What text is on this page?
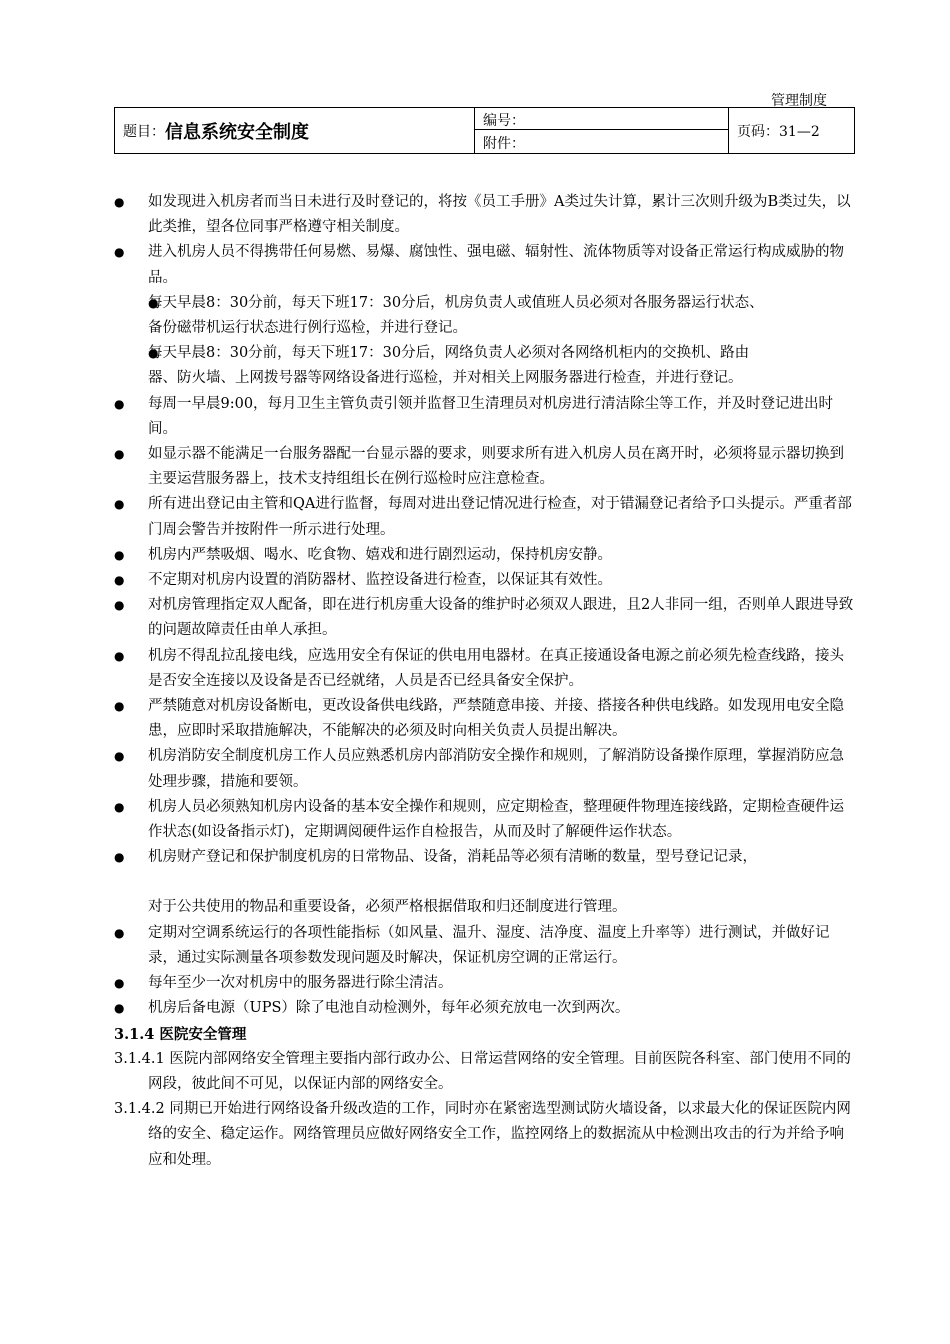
管理制度
题目： 信息系统安全制度
编号：
附件：
页码：31—2
● 如发现进入机房者而当日未进行及时登记的，将按《员工手册》A类过失计算，累计三次则升级为B类过失，以此类推，望各位同事严格遵守相关制度。
● 进入机房人员不得携带任何易燃、易爆、腐蚀性、强电磁、辐射性、流体物质等对设备正常运行构成威胁的物品。
● 每天早晨8：30分前，每天下班17：30分后，机房负责人或值班人员必须对各服务器运行状态、
备份磁带机运行状态进行例行巡检，并进行登记。
● 每天早晨8：30分前，每天下班17：30分后，网络负责人必须对各网络机柜内的交换机、路由
器、防火墙、上网拨号器等网络设备进行巡检，并对相关上网服务器进行检查，并进行登记。
● 每周一早晨9:00，每月卫生主管负责引领并监督卫生清理员对机房进行清洁除尘等工作，并及时登记进出时间。
● 如显示器不能满足一台服务器配一台显示器的要求，则要求所有进入机房人员在离开时，必须将显示器切换到主要运营服务器上，技术支持组组长在例行巡检时应注意检查。
● 所有进出登记由主管和QA进行监督，每周对进出登记情况进行检查，对于错漏登记者给予口头提示。严重者部门周会警告并按附件一所示进行处理。
● 机房内严禁吸烟、喝水、吃食物、嬉戏和进行剧烈运动，保持机房安静。
● 不定期对机房内设置的消防器材、监控设备进行检查，以保证其有效性。
● 对机房管理指定双人配备，即在进行机房重大设备的维护时必须双人跟进，且2人非同一组，否则单人跟进导致的问题故障责任由单人承担。
● 机房不得乱拉乱接电线，应选用安全有保证的供电用电器材。在真正接通设备电源之前必须先检查线路，接头是否安全连接以及设备是否已经就绪，人员是否已经具备安全保护。
● 严禁随意对机房设备断电，更改设备供电线路，严禁随意串接、并接、搭接各种供电线路。如发现用电安全隐患，应即时采取措施解决，不能解决的必须及时向相关负责人员提出解决。
● 机房消防安全制度机房工作人员应熟悉机房内部消防安全操作和规则，了解消防设备操作原理，掌握消防应急处理步骤，措施和要领。
● 机房人员必须熟知机房内设备的基本安全操作和规则，应定期检查，整理硬件物理连接线路，定期检查硬件运作状态(如设备指示灯)，定期调阅硬件运作自检报告，从而及时了解硬件运作状态。
● 机房财产登记和保护制度机房的日常物品、设备，消耗品等必须有清晰的数量，型号登记记录，
对于公共使用的物品和重要设备，必须严格根据借取和归还制度进行管理。
● 定期对空调系统运行的各项性能指标（如风量、温升、湿度、洁净度、温度上升率等）进行测试，并做好记录，通过实际测量各项参数发现问题及时解决，保证机房空调的正常运行。
● 每年至少一次对机房中的服务器进行除尘清洁。
● 机房后备电源（UPS）除了电池自动检测外，每年必须充放电一次到两次。
3.1.4 医院安全管理
3.1.4.1 医院内部网络安全管理主要指内部行政办公、日常运营网络的安全管理。目前医院各科室、部门使用不同的网段，彼此间不可见，以保证内部的网络安全。
3.1.4.2 同期已开始进行网络设备升级改造的工作，同时亦在紧密选型测试防火墙设备，以求最大化的保证医院内网络的安全、稳定运作。网络管理员应做好网络安全工作，监控网络上的数据流从中检测出攻击的行为并给予响应和处理。
